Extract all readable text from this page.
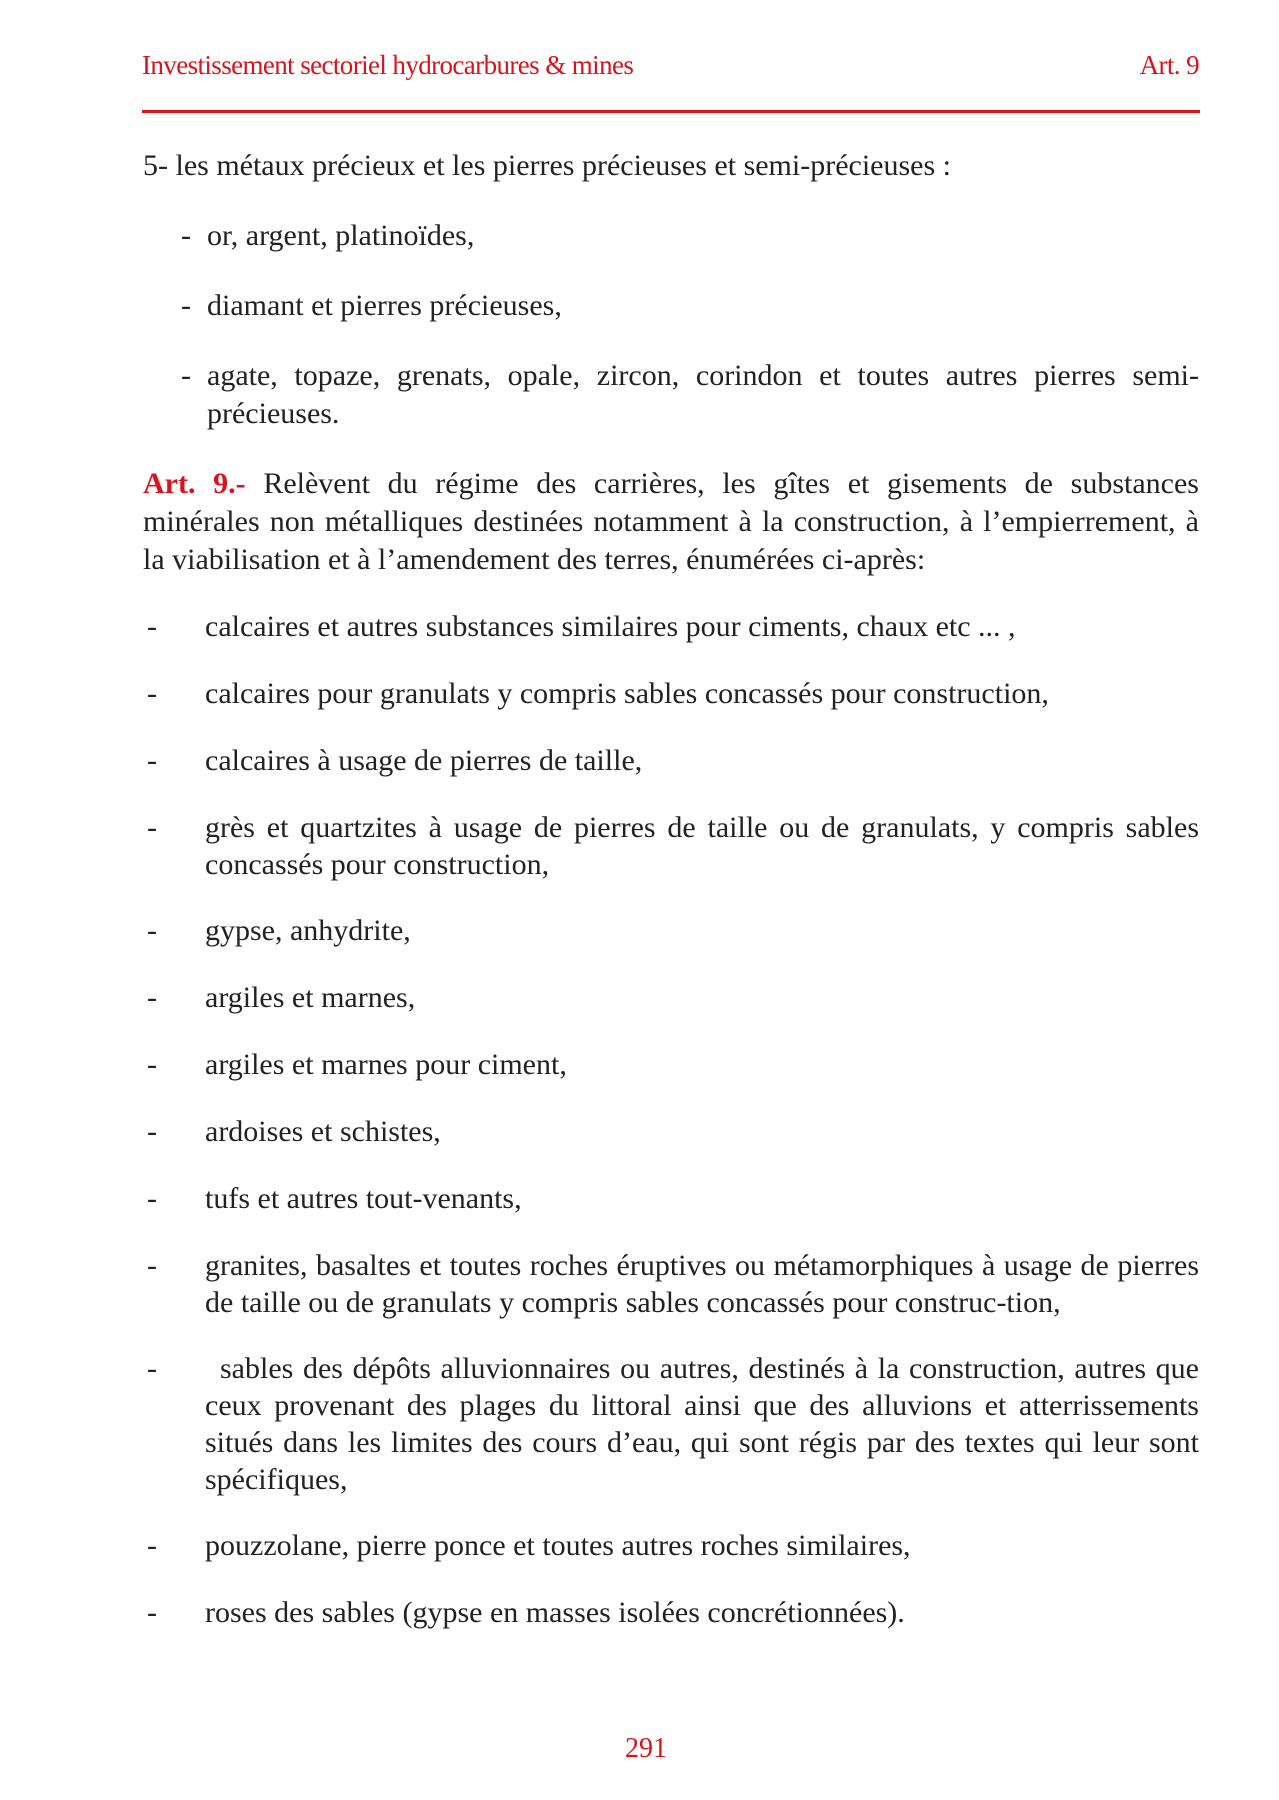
Investissement sectoriel hydrocarbures & mines	Art. 9

5- les métaux précieux et les pierres précieuses et semi-précieuses :

- or, argent, platinoïdes,
- diamant et pierres précieuses,
- agate, topaze, grenats, opale, zircon, corindon et toutes autres pierres semi-précieuses.

Art. 9.- Relèvent du régime des carrières, les gîtes et gisements de substances minérales non métalliques destinées notamment à la construction, à l’empierrement, à la viabilisation et à l’amendement des terres, énumérées ci-après:

-	calcaires et autres substances similaires pour ciments, chaux etc ... ,
-	calcaires pour granulats y compris sables concassés pour construction,
-	calcaires à usage de pierres de taille,
-	grès et quartzites à usage de pierres de taille ou de granulats, y compris sables concassés pour construction,
-	gypse, anhydrite,
-	argiles et marnes,
-	argiles et marnes pour ciment,
-	ardoises et schistes,
-	tufs et autres tout-venants,
-	granites, basaltes et toutes roches éruptives ou métamorphiques à usage de pierres de taille ou de granulats y compris sables concassés pour construc-tion,
-	sables des dépôts alluvionnaires ou autres, destinés à la construction, autres que ceux provenant des plages du littoral ainsi que des alluvions et atterrissements situés dans les limites des cours d’eau, qui sont régis par des textes qui leur sont spécifiques,
-	pouzzolane, pierre ponce et toutes autres roches similaires,
-	roses des sables (gypse en masses isolées concrétionnées).
291
